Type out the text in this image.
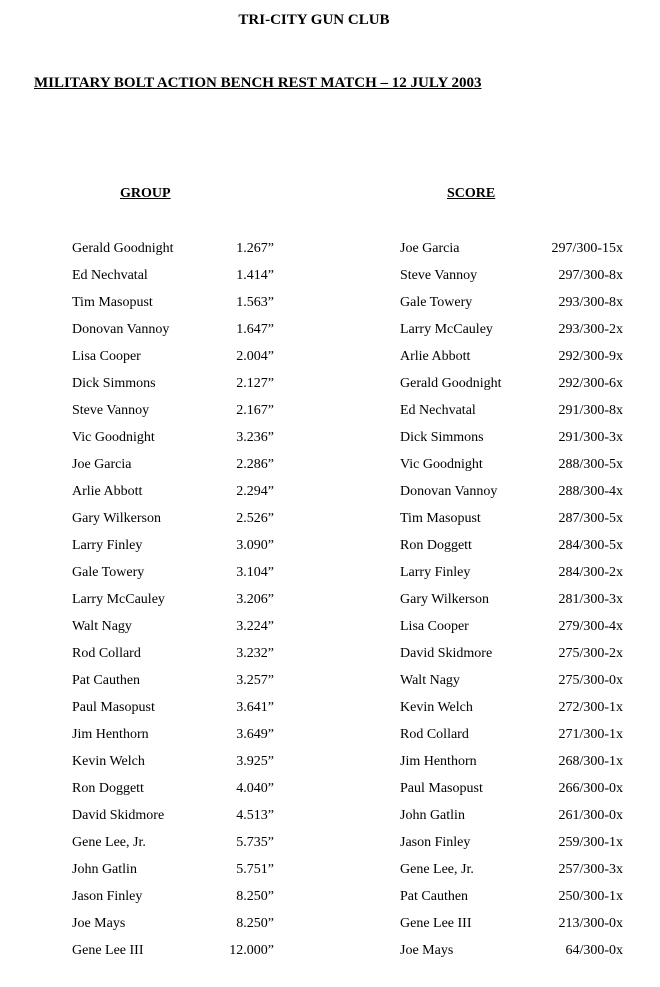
TRI-CITY GUN CLUB
MILITARY BOLT ACTION BENCH REST MATCH – 12 JULY 2003
GROUP	SCORE
Gerald Goodnight	1.267”
Ed Nechvatal	1.414”
Tim Masopust	1.563”
Donovan Vannoy	1.647”
Lisa Cooper	2.004”
Dick Simmons	2.127”
Steve Vannoy	2.167”
Vic Goodnight	3.236”
Joe Garcia	2.286”
Arlie Abbott	2.294”
Gary Wilkerson	2.526”
Larry Finley	3.090”
Gale Towery	3.104”
Larry McCauley	3.206”
Walt Nagy	3.224”
Rod Collard	3.232”
Pat Cauthen	3.257”
Paul Masopust	3.641”
Jim Henthorn	3.649”
Kevin Welch	3.925”
Ron Doggett	4.040”
David Skidmore	4.513”
Gene Lee, Jr.	5.735”
John Gatlin	5.751”
Jason Finley	8.250”
Joe Mays	8.250”
Gene Lee III	12.000”
Joe Garcia	297/300-15x
Steve Vannoy	297/300-8x
Gale Towery	293/300-8x
Larry McCauley	293/300-2x
Arlie Abbott	292/300-9x
Gerald Goodnight	292/300-6x
Ed Nechvatal	291/300-8x
Dick Simmons	291/300-3x
Vic Goodnight	288/300-5x
Donovan Vannoy	288/300-4x
Tim Masopust	287/300-5x
Ron Doggett	284/300-5x
Larry Finley	284/300-2x
Gary Wilkerson	281/300-3x
Lisa Cooper	279/300-4x
David Skidmore	275/300-2x
Walt Nagy	275/300-0x
Kevin Welch	272/300-1x
Rod Collard	271/300-1x
Jim Henthorn	268/300-1x
Paul Masopust	266/300-0x
John Gatlin	261/300-0x
Jason Finley	259/300-1x
Gene Lee, Jr.	257/300-3x
Pat Cauthen	250/300-1x
Gene Lee III	213/300-0x
Joe Mays	64/300-0x
